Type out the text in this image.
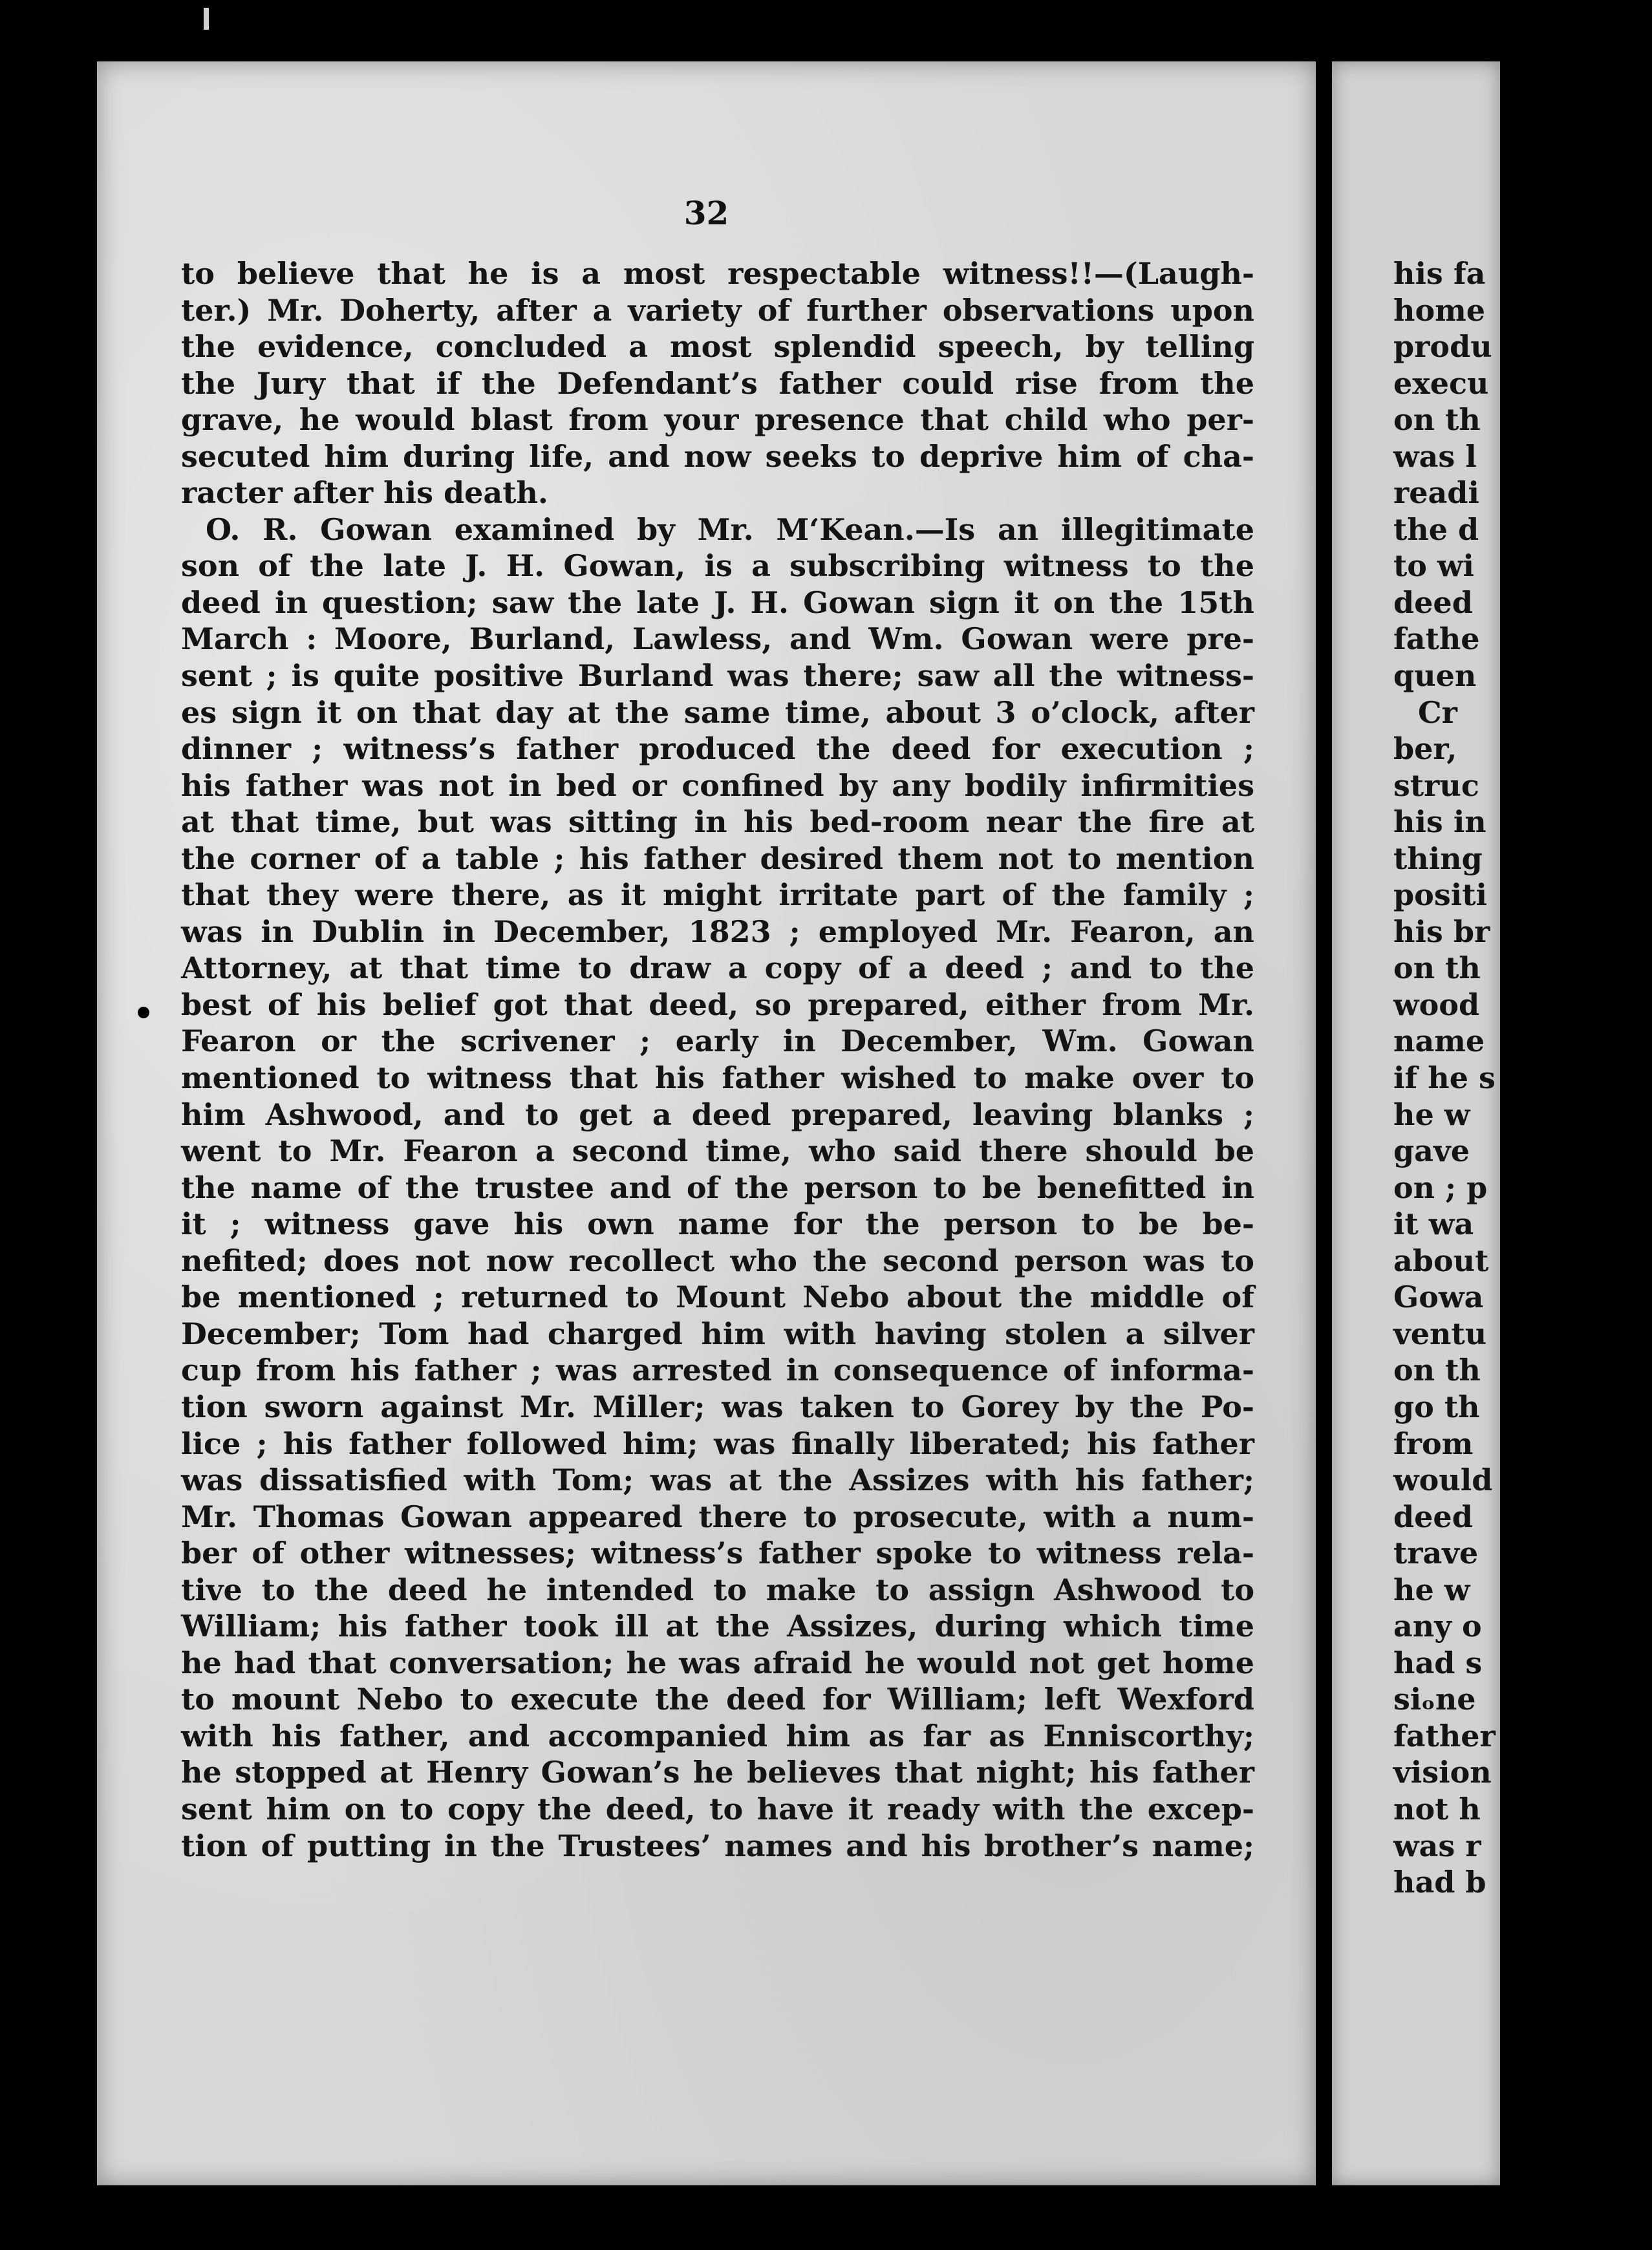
32
to believe that he is a most respectable witness!!—(Laugh-
ter.) Mr. Doherty, after a variety of further observations upon
the evidence, concluded a most splendid speech, by telling
the Jury that if the Defendant’s father could rise from the
grave, he would blast from your presence that child who per-
secuted him during life, and now seeks to deprive him of cha-
racter after his death.
O. R. Gowan examined by Mr. M‘Kean.—Is an illegitimate
son of the late J. H. Gowan, is a subscribing witness to the
deed in question; saw the late J. H. Gowan sign it on the 15th
March : Moore, Burland, Lawless, and Wm. Gowan were pre-
sent ; is quite positive Burland was there; saw all the witness-
es sign it on that day at the same time, about 3 o’clock, after
dinner ; witness’s father produced the deed for execution ;
his father was not in bed or confined by any bodily infirmities
at that time, but was sitting in his bed-room near the fire at
the corner of a table ; his father desired them not to mention
that they were there, as it might irritate part of the family ;
was in Dublin in December, 1823 ; employed Mr. Fearon, an
Attorney, at that time to draw a copy of a deed ; and to the
best of his belief got that deed, so prepared, either from Mr.
Fearon or the scrivener ; early in December, Wm. Gowan
mentioned to witness that his father wished to make over to
him Ashwood, and to get a deed prepared, leaving blanks ;
went to Mr. Fearon a second time, who said there should be
the name of the trustee and of the person to be benefitted in
it ; witness gave his own name for the person to be be-
nefited; does not now recollect who the second person was to
be mentioned ; returned to Mount Nebo about the middle of
December; Tom had charged him with having stolen a silver
cup from his father ; was arrested in consequence of informa-
tion sworn against Mr. Miller; was taken to Gorey by the Po-
lice ; his father followed him; was finally liberated; his father
was dissatisfied with Tom; was at the Assizes with his father;
Mr. Thomas Gowan appeared there to prosecute, with a num-
ber of other witnesses; witness’s father spoke to witness rela-
tive to the deed he intended to make to assign Ashwood to
William; his father took ill at the Assizes, during which time
he had that conversation; he was afraid he would not get home
to mount Nebo to execute the deed for William; left Wexford
with his father, and accompanied him as far as Enniscorthy;
he stopped at Henry Gowan’s he believes that night; his father
sent him on to copy the deed, to have it ready with the excep-
tion of putting in the Trustees’ names and his brother’s name;
his fa
home
produ
execu
on th
was l
readi
the d
to wi
deed
fathe
quen
Cr
ber,
struc
his in
thing
positi
his br
on th
wood
name
if he s
he w
gave
on ; p
it wa
about
Gowa
ventu
on th
go th
from
would
deed
trave
he w
any o
had s
siₒne
father
vision
not h
was r
had b
